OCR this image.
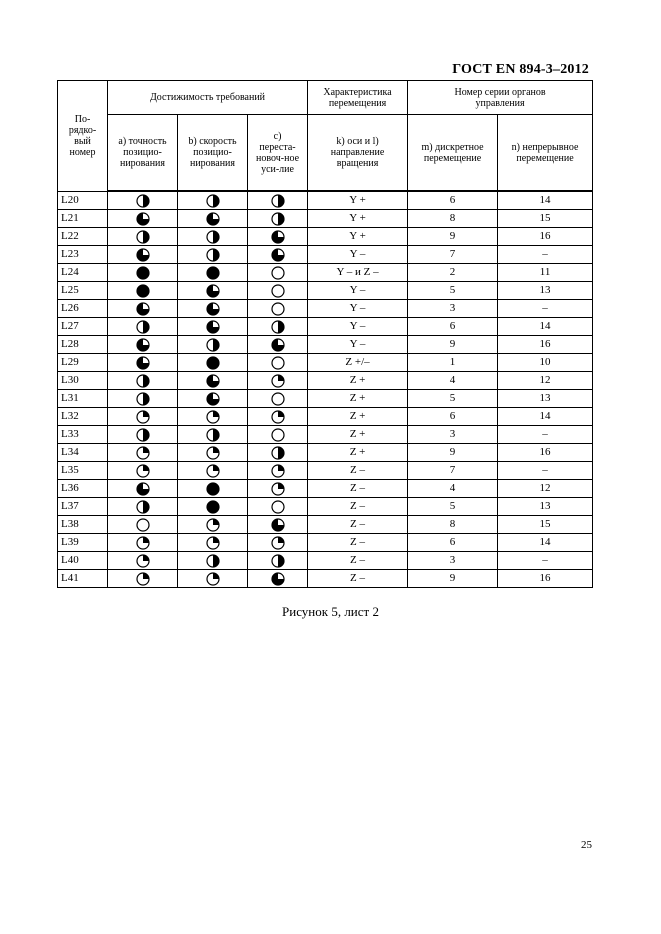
ГОСТ EN 894-3–2012
По-рядко-вый номер	Достижимость требований			Характеристика перемещения	Номер серии органов управления	
	a) точность позицио-нирования	b) скорость позицио-нирования	c) переста-новоч-ное уси-лие	k) оси и l) направление вращения	m) дискретное перемещение	n) непрерывное перемещение
L20				Y +	6	14
L21				Y +	8	15
L22				Y +	9	16
L23				Y –	7	–
L24				Y – и Z –	2	11
L25				Y –	5	13
L26				Y –	3	–
L27				Y –	6	14
L28				Y –	9	16
L29				Z +/–	1	10
L30				Z +	4	12
L31				Z +	5	13
L32				Z +	6	14
L33				Z +	3	–
L34				Z +	9	16
L35				Z –	7	–
L36				Z –	4	12
L37				Z –	5	13
L38				Z –	8	15
L39				Z –	6	14
L40				Z –	3	–
L41				Z –	9	16
Рисунок 5, лист 2
25
